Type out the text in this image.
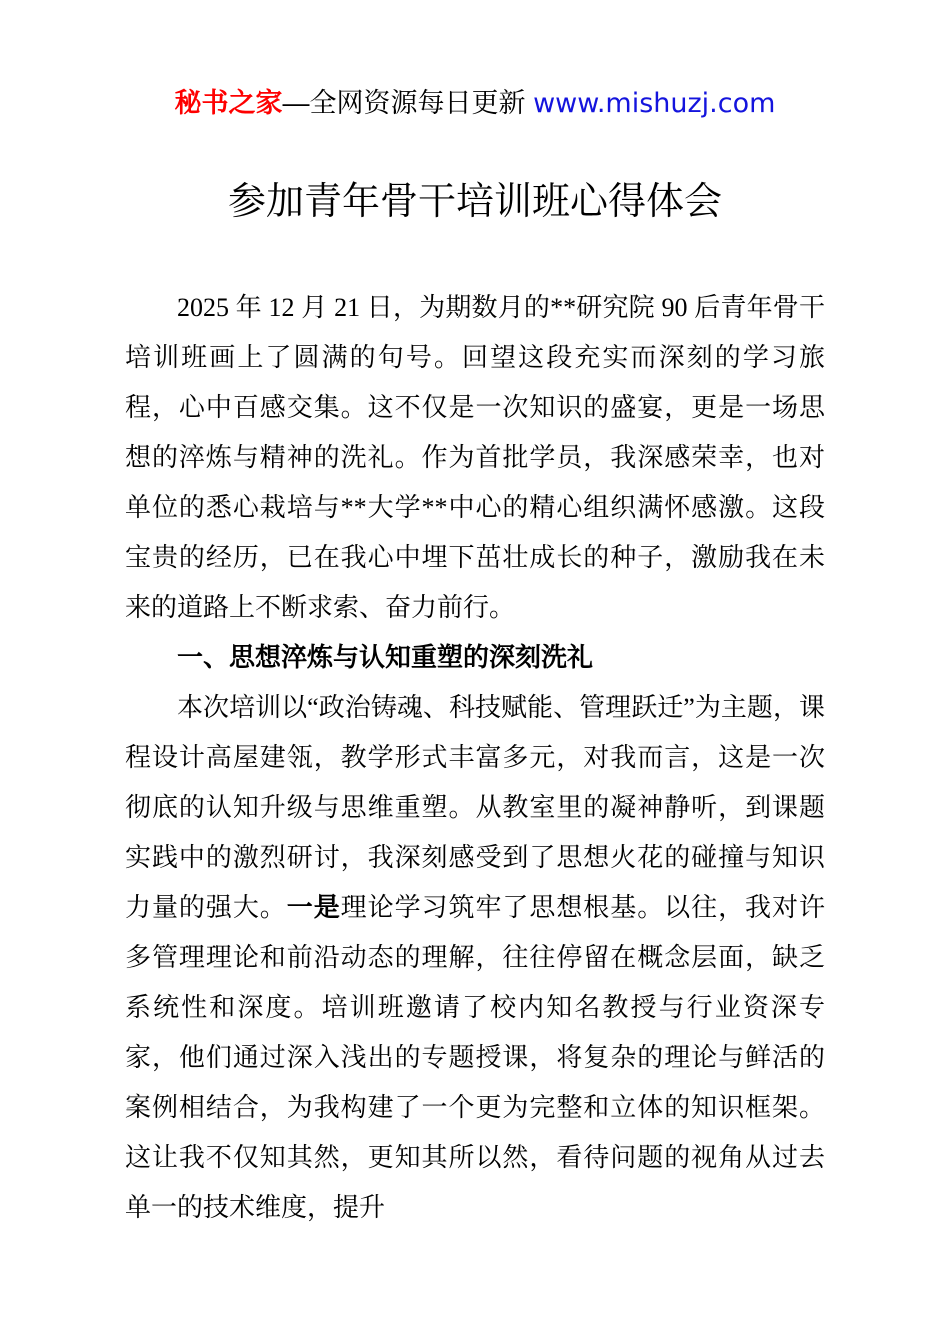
秘书之家—全网资源每日更新 www.mishuzj.com
参加青年骨干培训班心得体会

2025 年 12 月 21 日，为期数月的**研究院 90 后青年骨干培训班画上了圆满的句号。回望这段充实而深刻的学习旅程，心中百感交集。这不仅是一次知识的盛宴，更是一场思想的淬炼与精神的洗礼。作为首批学员，我深感荣幸，也对单位的悉心栽培与**大学**中心的精心组织满怀感激。这段宝贵的经历，已在我心中埋下茁壮成长的种子，激励我在未来的道路上不断求索、奋力前行。

一、思想淬炼与认知重塑的深刻洗礼

本次培训以“政治铸魂、科技赋能、管理跃迁”为主题，课程设计高屋建瓴，教学形式丰富多元，对我而言，这是一次彻底的认知升级与思维重塑。从教室里的凝神静听，到课题实践中的激烈研讨，我深刻感受到了思想火花的碰撞与知识力量的强大。一是理论学习筑牢了思想根基。以往，我对许多管理理论和前沿动态的理解，往往停留在概念层面，缺乏系统性和深度。培训班邀请了校内知名教授与行业资深专家，他们通过深入浅出的专题授课，将复杂的理论与鲜活的案例相结合，为我构建了一个更为完整和立体的知识框架。这让我不仅知其然，更知其所以然，看待问题的视角从过去单一的技术维度，提升
